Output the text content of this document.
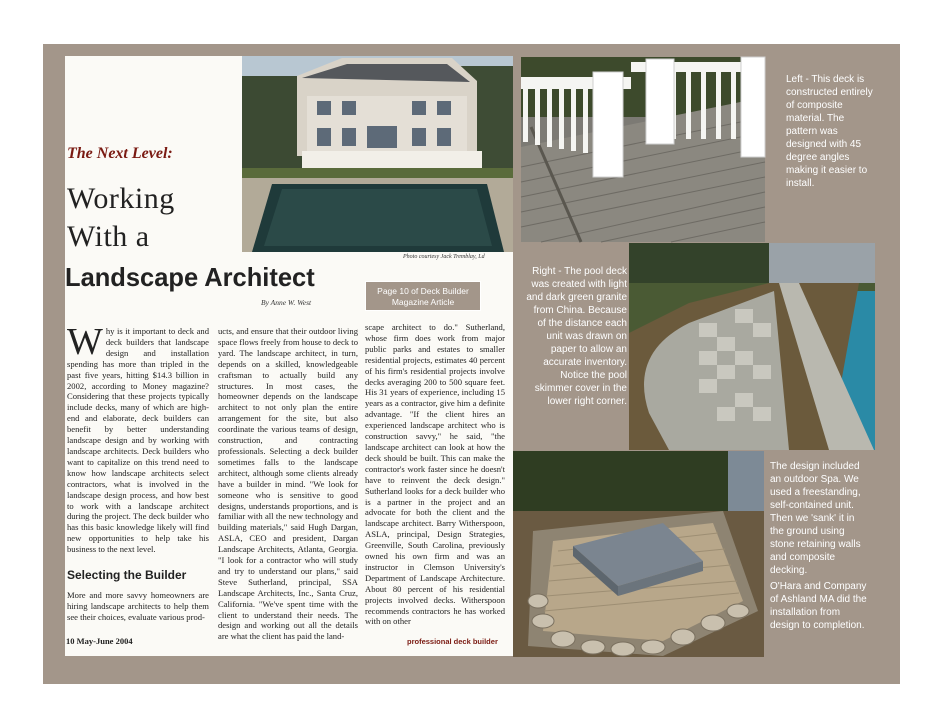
Photo courtesy Jack Tremblay, Ld
The Next Level:
Working
With a
Landscape Architect
By Anne W. West
W hy is it important to deck and deck builders that landscape design and installation spending has more than tripled in the past five years, hitting $14.3 billion in 2002, according to Money magazine? Considering that these projects typically include decks, many of which are high-end and elaborate, deck builders can benefit by better understanding landscape design and by working with landscape architects. Deck builders who want to capitalize on this trend need to know how landscape architects select contractors, what is involved in the landscape design process, and how best to work with a landscape architect during the project. The deck builder who has this basic knowledge likely will find new opportunities to help take his business to the next level.

Selecting the Builder

More and more savvy homeowners are hiring landscape architects to help them see their choices, evaluate various prod-

ucts, and ensure that their outdoor living space flows freely from house to deck to yard. The landscape architect, in turn, depends on a skilled, knowledgeable craftsman to actually build any structures. In most cases, the homeowner depends on the landscape architect to not only plan the entire arrangement for the site, but also coordinate the various teams of design, construction, and contracting professionals. Selecting a deck builder sometimes falls to the landscape architect, although some clients already have a builder in mind. "We look for someone who is sensitive to good designs, understands proportions, and is familiar with all the new technology and building materials," said Hugh Dargan, ASLA, CEO and president, Dargan Landscape Architects, Atlanta, Georgia. "I look for a contractor who will study and try to understand our plans," said Steve Sutherland, principal, SSA Landscape Architects, Inc., Santa Cruz, California. "We've spent time with the client to understand their needs. The design and working out all the details are what the client has paid the land-

scape architect to do." Sutherland, whose firm does work from major public parks and estates to smaller residential projects, estimates 40 percent of his firm's residential projects involve decks averaging 200 to 500 square feet. His 31 years of experience, including 15 years as a contractor, give him a definite advantage. "If the client hires an experienced landscape architect who is construction savvy," he said, "the landscape architect can look at how the deck should be built. This can make the contractor's work faster since he doesn't have to reinvent the deck design." Sutherland looks for a deck builder who is a partner in the project and an advocate for both the client and the landscape architect. Barry Witherspoon, ASLA, principal, Design Strategies, Greenville, South Carolina, previously owned his own firm and was an instructor in Clemson University's Department of Landscape Architecture. About 80 percent of his residential projects involved decks. Witherspoon recommends contractors he has worked with on other

10 May-June 2004	professional deck builder
Page 10 of Deck Builder Magazine Article
Left - This deck is constructed entirely of composite material. The pattern was designed with 45 degree angles making it easier to install.
Right - The pool deck was created with light and dark green granite from China. Because of the distance each unit was drawn on paper to allow an accurate inventory. Notice the pool skimmer cover in the lower right corner.
The design included an outdoor Spa. We used a freestanding, self-contained unit. Then we 'sank' it in the ground using stone retaining walls and composite decking.
O'Hara and Company of Ashland MA did the installation from design to completion.
